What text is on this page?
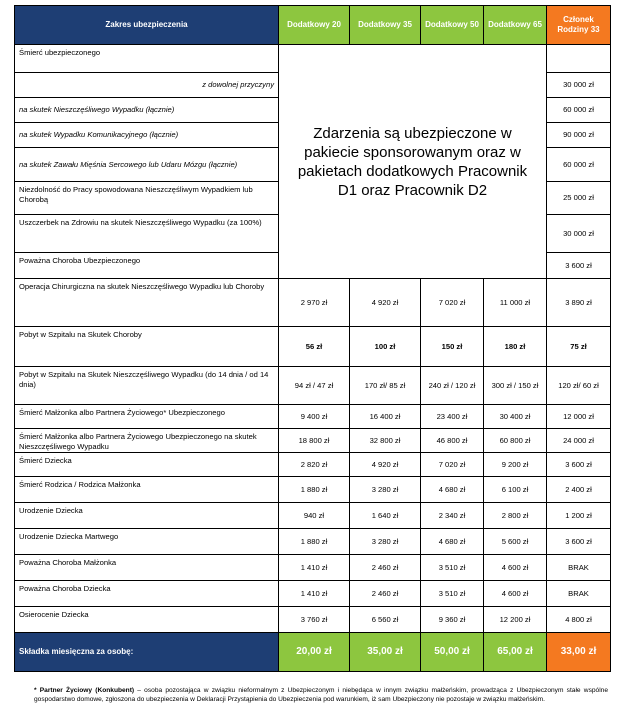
Zakres ubezpieczenia	Dodatkowy 20	Dodatkowy 35	Dodatkowy 50	Dodatkowy 65	Członek Rodziny 33
Śmierć ubezpieczonego	Zdarzenia są ubezpieczone w pakiecie sponsorowanym oraz w pakietach dodatkowych Pracownik D1 oraz Pracownik D2				
z dowolnej przyczyny					30 000 zł
na skutek Nieszczęśliwego Wypadku (łącznie)					60 000 zł
na skutek Wypadku Komunikacyjnego (łącznie)					90 000 zł
na skutek Zawału Mięśnia Sercowego lub Udaru Mózgu (łącznie)					60 000 zł
Niezdolność do Pracy spowodowana Nieszczęśliwym Wypadkiem lub Chorobą					25 000 zł
Uszczerbek na Zdrowiu na skutek Nieszczęśliwego Wypadku (za 100%)					30 000 zł
Poważna Choroba Ubezpieczonego					3 600 zł
Operacja Chirurgiczna na skutek Nieszczęśliwego Wypadku lub Choroby	2 970 zł	4 920 zł	7 020 zł	11 000 zł	3 890 zł
Pobyt w Szpitalu na Skutek Choroby	56 zł	100 zł	150 zł	180 zł	75 zł
Pobyt w Szpitalu na Skutek Nieszczęśliwego Wypadku (do 14 dnia / od 14 dnia)	94 zł / 47 zł	170 zł/ 85 zł	240 zł / 120 zł	300 zł / 150 zł	120 zł/ 60 zł
Śmierć Małżonka albo Partnera Życiowego* Ubezpieczonego	9 400 zł	16 400 zł	23 400 zł	30 400 zł	12 000 zł
Śmierć Małżonka albo Partnera Życiowego Ubezpieczonego na skutek Nieszczęśliwego Wypadku	18 800 zł	32 800 zł	46 800 zł	60 800 zł	24 000 zł
Śmierć Dziecka	2 820 zł	4 920 zł	7 020 zł	9 200 zł	3 600 zł
Śmierć Rodzica / Rodzica Małżonka	1 880 zł	3 280 zł	4 680 zł	6 100 zł	2 400 zł
Urodzenie Dziecka	940 zł	1 640 zł	2 340 zł	2 800 zł	1 200 zł
Urodzenie Dziecka Martwego	1 880 zł	3 280 zł	4 680 zł	5 600 zł	3 600 zł
Poważna Choroba Małżonka	1 410 zł	2 460 zł	3 510 zł	4 600 zł	BRAK
Poważna Choroba Dziecka	1 410 zł	2 460 zł	3 510 zł	4 600 zł	BRAK
Osierocenie Dziecka	3 760 zł	6 560 zł	9 360 zł	12 200 zł	4 800 zł
Składka miesięczna za osobę:	20,00 zł	35,00 zł	50,00 zł	65,00 zł	33,00 zł
* Partner Życiowy (Konkubent) – osoba pozostająca w związku nieformalnym z Ubezpieczonym i niebędąca w innym związku małżeńskim, prowadząca z Ubezpieczonym stałe wspólne gospodarstwo domowe, zgłoszona do ubezpieczenia w Deklaracji Przystąpienia do Ubezpieczenia pod warunkiem, iż sam Ubezpieczony nie pozostaje w związku małżeńskim.
